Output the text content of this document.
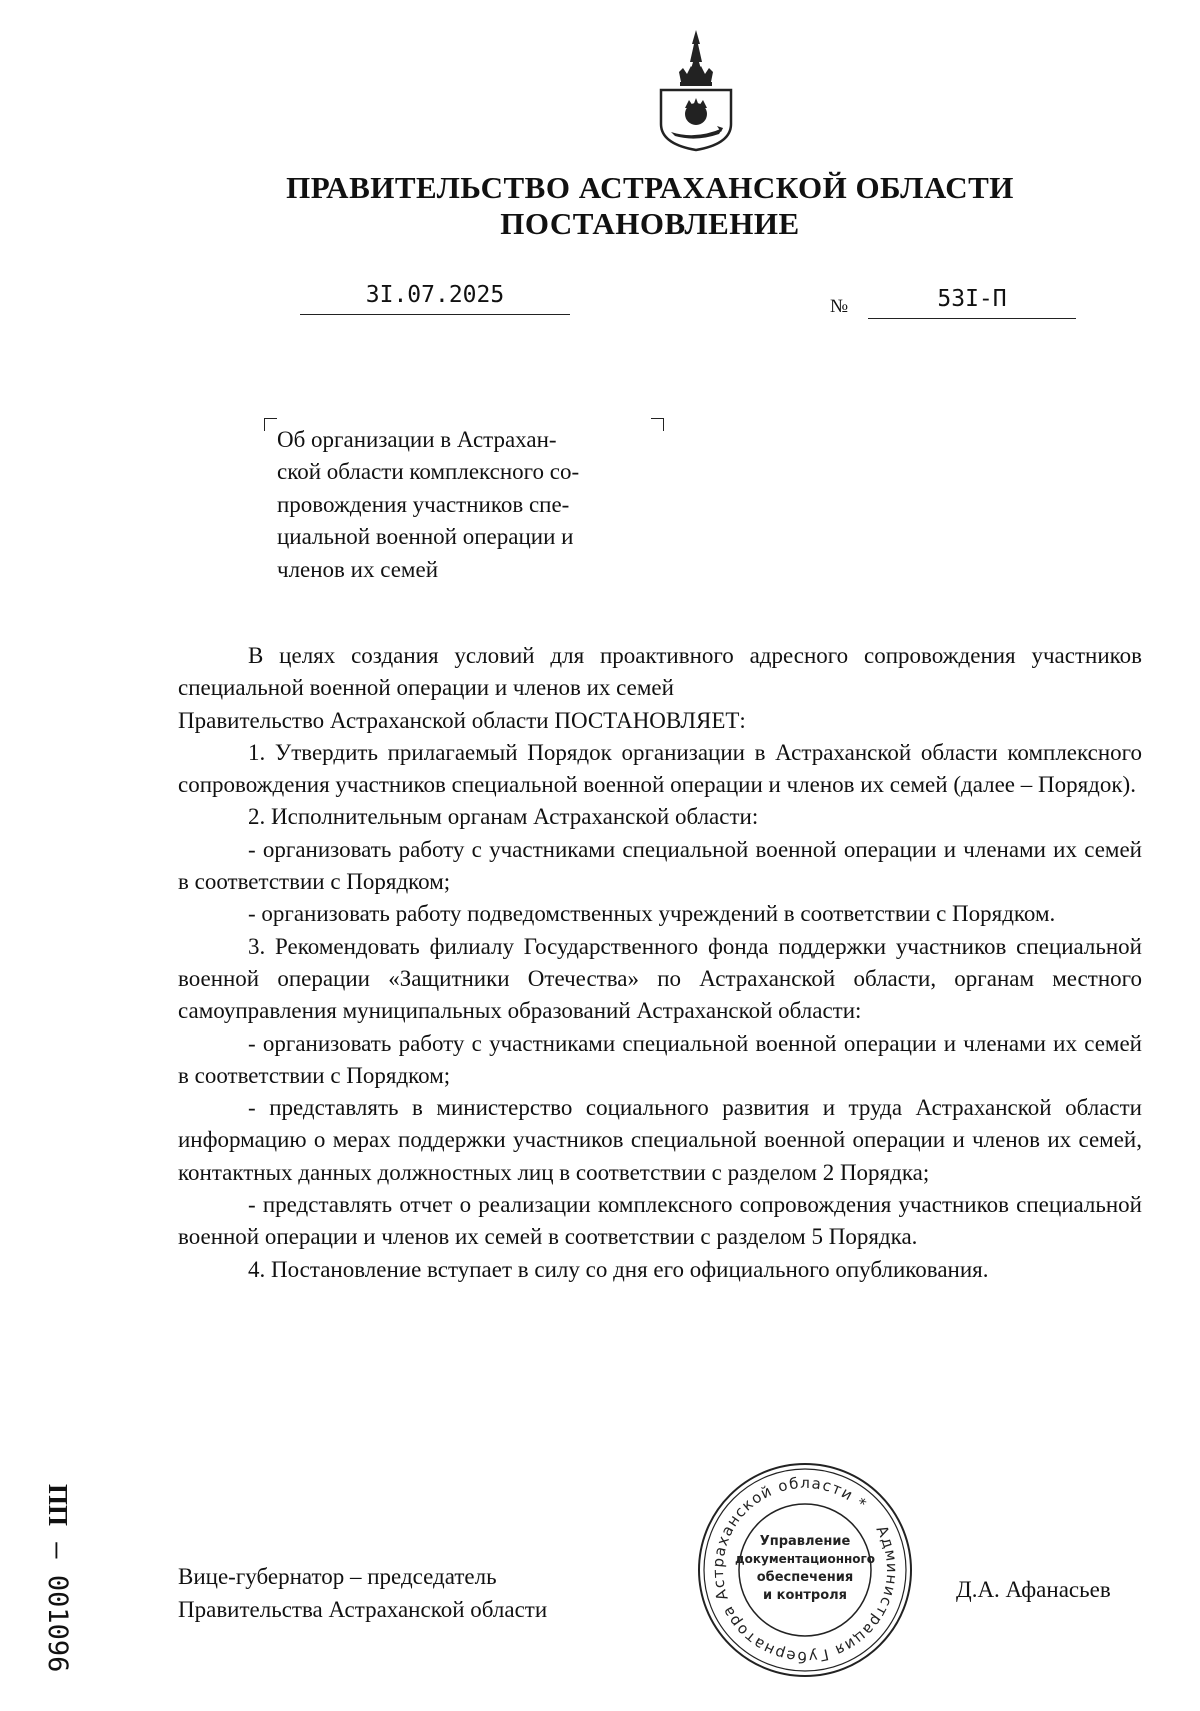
ПРАВИТЕЛЬСТВО АСТРАХАНСКОЙ ОБЛАСТИ
ПОСТАНОВЛЕНИЕ
3I.07.2025	№	53I-П
Об организации в Астрахан-
ской области комплексного со-
провождения участников спе-
циальной военной операции и
членов их семей

В целях создания условий для проактивного адресного сопровождения участников специальной военной операции и членов их семей

Правительство Астраханской области ПОСТАНОВЛЯЕТ:

1. Утвердить прилагаемый Порядок организации в Астраханской области комплексного сопровождения участников специальной военной операции и членов их семей (далее – Порядок).

2. Исполнительным органам Астраханской области:

- организовать работу с участниками специальной военной операции и членами их семей в соответствии с Порядком;

- организовать работу подведомственных учреждений в соответствии с Порядком.

3. Рекомендовать филиалу Государственного фонда поддержки участников специальной военной операции «Защитники Отечества» по Астраханской области, органам местного самоуправления муниципальных образований Астраханской области:

- организовать работу с участниками специальной военной операции и членами их семей в соответствии с Порядком;

- представлять в министерство социального развития и труда Астраханской области информацию о мерах поддержки участников специальной военной операции и членов их семей, контактных данных должностных лиц в соответствии с разделом 2 Порядка;

- представлять отчет о реализации комплексного сопровождения участников специальной военной операции и членов их семей в соответствии с разделом 5 Порядка.

4. Постановление вступает в силу со дня его официального опубликования.

Вице-губернатор – председатель
Правительства Астраханской области
Д.А. Афанасьев
Администрация Губернатора Астраханской области *
Управление
документационного
обеспечения
и контроля
ПП – 001096
